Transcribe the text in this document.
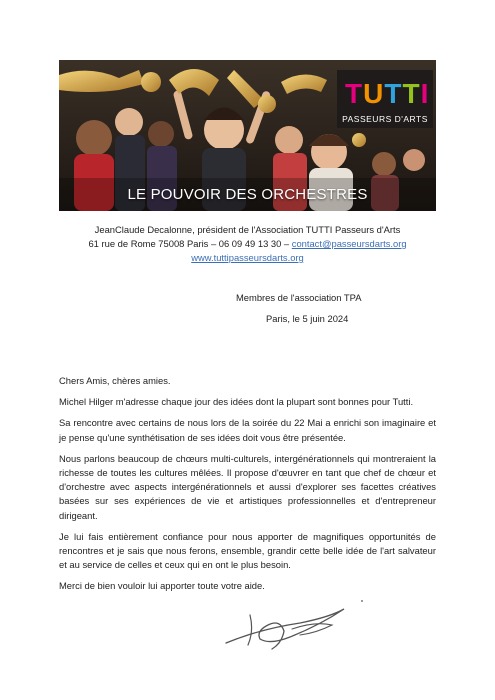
TUTTI
PASSEURS D'ARTS
LE POUVOIR DES ORCHESTRES
JeanClaude Decalonne, président de l'Association TUTTI Passeurs d'Arts
61 rue de Rome 75008 Paris – 06 09 49 13 30 – contact@passeursdarts.org
www.tuttipasseursdarts.org
Membres de l'association TPA
Paris, le 5 juin 2024

Chers Amis, chères amies.

Michel Hilger m'adresse chaque jour des idées dont la plupart sont bonnes pour Tutti.

Sa rencontre avec certains de nous lors de la soirée du 22 Mai a enrichi son imaginaire et je pense qu'une synthétisation de ses idées doit vous être présentée.

Nous parlons beaucoup de chœurs multi-culturels, intergénérationnels qui montreraient la richesse de toutes les cultures mêlées. Il propose d'œuvrer en tant que chef de chœur et d'orchestre avec aspects intergénérationnels et aussi d'explorer ses facettes créatives basées sur ses expériences de vie et artistiques professionnelles et d'entrepreneur dirigeant.

Je lui fais entièrement confiance pour nous apporter de magnifiques opportunités de rencontres et je sais que nous ferons, ensemble, grandir cette belle idée de l'art salvateur et au service de celles et ceux qui en ont le plus besoin.

Merci de bien vouloir lui apporter toute votre aide.
